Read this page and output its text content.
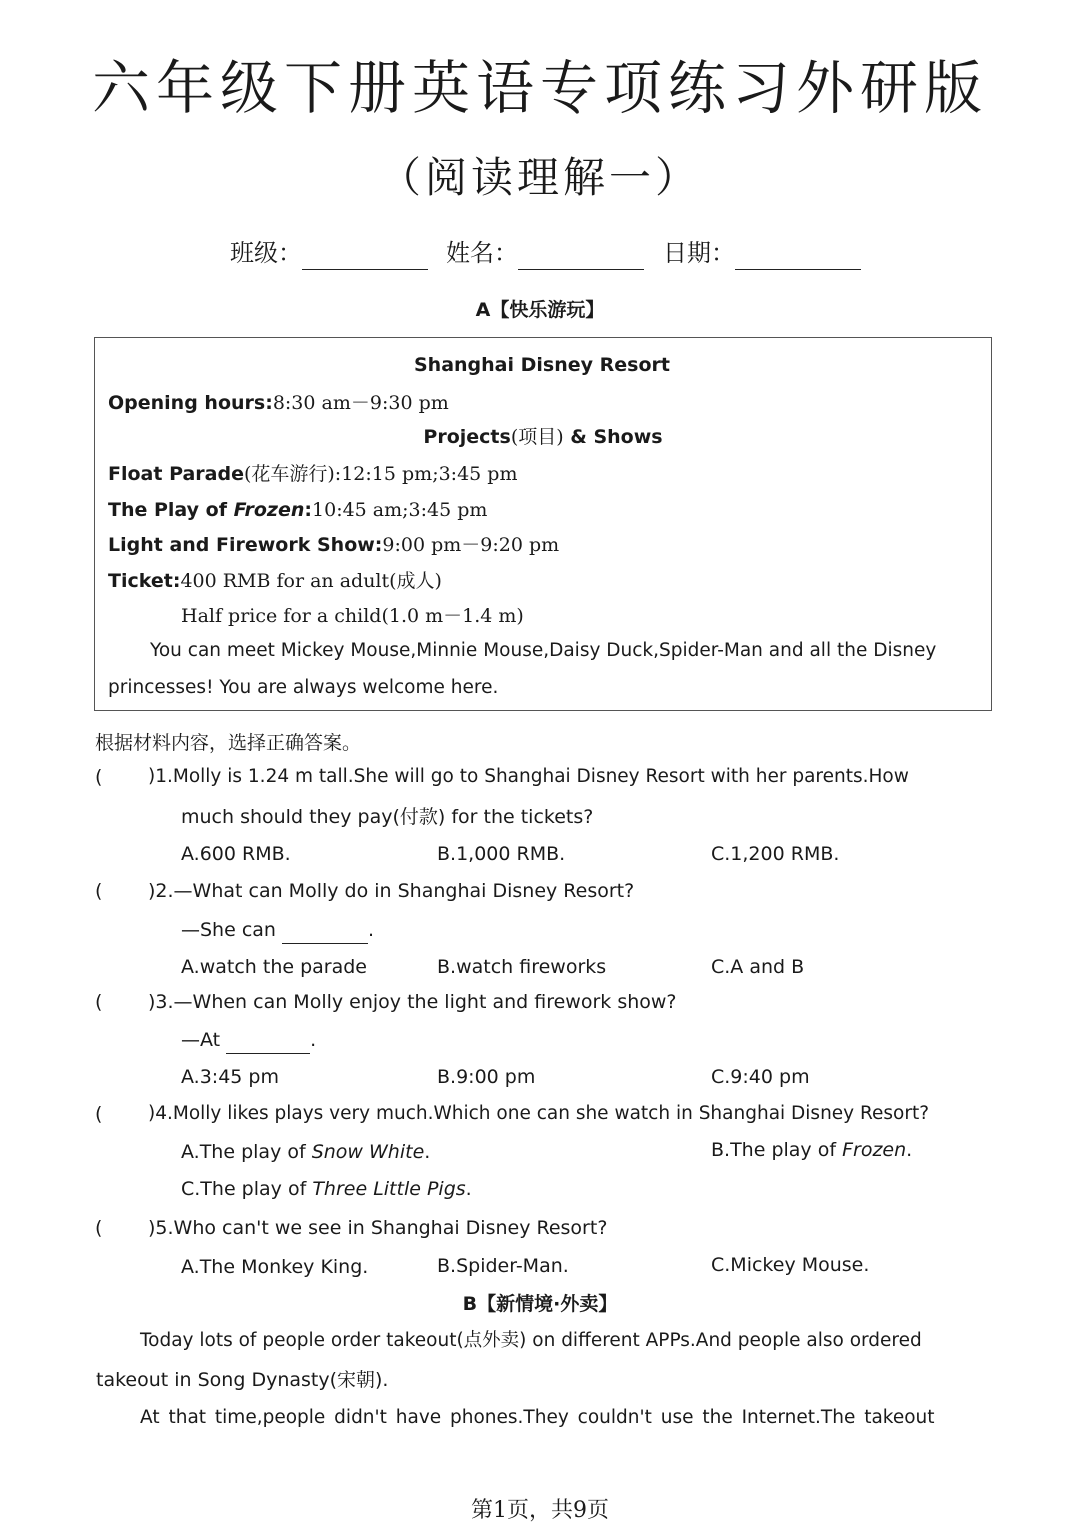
六年级下册英语专项练习外研版
（阅读理解一）
班级：	姓名：	日期：
A【快乐游玩】
Shanghai Disney Resort
Opening hours:8:30 am－9:30 pm
Projects(项目) & Shows
Float Parade(花车游行):12:15 pm;3:45 pm
The Play of Frozen:10:45 am;3:45 pm
Light and Firework Show:9:00 pm－9:20 pm
Ticket:400 RMB for an adult(成人)
Half price for a child(1.0 m－1.4 m)
You can meet Mickey Mouse,Minnie Mouse,Daisy Duck,Spider-Man and all the Disney
princesses! You are always welcome here.
根据材料内容，选择正确答案。
( )1.Molly is 1.24 m tall.She will go to Shanghai Disney Resort with her parents.How
much should they pay(付款) for the tickets?
A.600 RMB.	B.1,000 RMB.	C.1,200 RMB.
( )2.—What can Molly do in Shanghai Disney Resort?
—She can	.
A.watch the parade	B.watch fireworks	C.A and B
( )3.—When can Molly enjoy the light and firework show?
—At	.
A.3:45 pm	B.9:00 pm	C.9:40 pm
( )4.Molly likes plays very much.Which one can she watch in Shanghai Disney Resort?
A.The play of Snow White.	B.The play of Frozen.
C.The play of Three Little Pigs.
( )5.Who can't we see in Shanghai Disney Resort?
A.The Monkey King.	B.Spider-Man.	C.Mickey Mouse.
B【新情境·外卖】
Today lots of people order takeout(点外卖) on different APPs.And people also ordered
takeout in Song Dynasty(宋朝).
At that time,people didn't have phones.They couldn't use the Internet.The takeout
第1页，共9页
